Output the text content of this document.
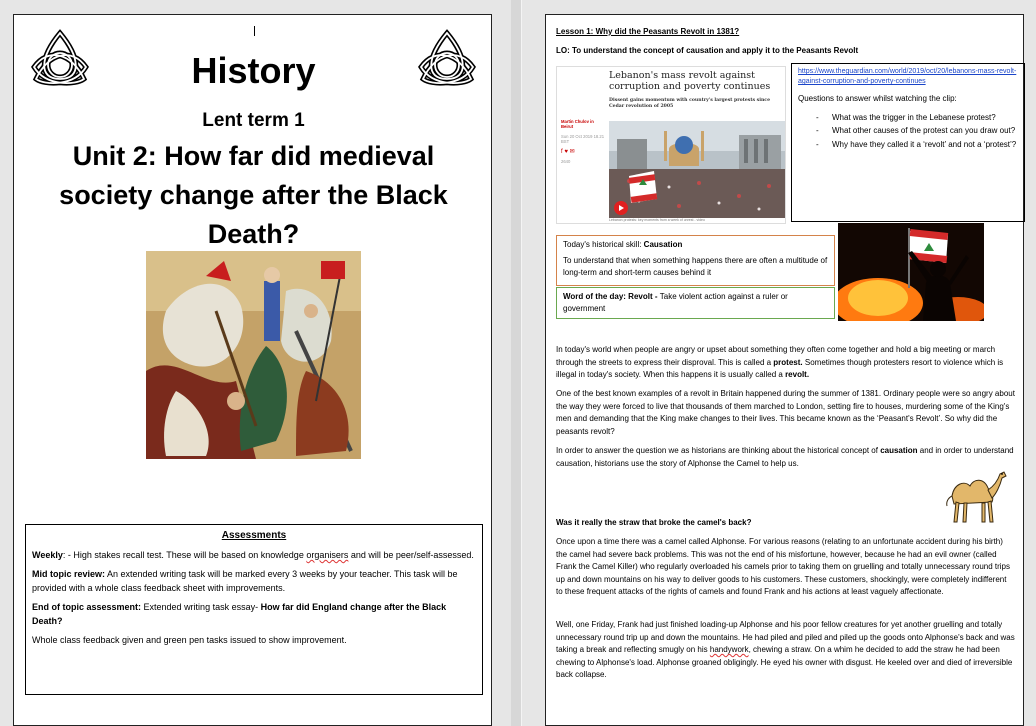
History
Lent term 1
Unit 2: How far did medieval society change after the Black Death?
Assessments

Weekly: - High stakes recall test. These will be based on knowledge organisers and will be peer/self-assessed.

Mid topic review: An extended writing task will be marked every 3 weeks by your teacher. This task will be provided with a whole class feedback sheet with improvements.

End of topic assessment: Extended writing task essay- How far did England change after the Black Death?

Whole class feedback given and green pen tasks issued to show improvement.

Lesson 1: Why did the Peasants Revolt in 1381?
LO: To understand the concept of causation and apply it to the Peasants Revolt
Lebanon's mass revolt against corruption and poverty continues
Dissent gains momentum with country's largest protests since Cedar revolution of 2005
Martin Chulov in Beirut
Sun 20 Oct 2019 18.21 BST
f ♥ ✉
2640
Lebanon protests: key moments from a week of unrest - video
https://www.theguardian.com/world/2019/oct/20/lebanons-mass-revolt-against-corruption-and-poverty-continues
Questions to answer whilst watching the clip:
- What was the trigger in the Lebanese protest?
- What other causes of the protest can you draw out?
- Why have they called it a ‘revolt’ and not a ‘protest’?
Today's historical skill: Causation
To understand that when something happens there are often a multitude of long-term and short-term causes behind it
Word of the day: Revolt - Take violent action against a ruler or government

In today's world when people are angry or upset about something they often come together and hold a big meeting or march through the streets to express their disproval. This is called a protest. Sometimes though protesters resort to violence which is illegal in today's society. When this happens it is usually called a revolt.

One of the best known examples of a revolt in Britain happened during the summer of 1381. Ordinary people were so angry about the way they were forced to live that thousands of them marched to London, setting fire to houses, murdering some of the King's men and demanding that the King make changes to their lives. This became known as the ‘Peasant's Revolt’. So why did the peasants revolt?

In order to answer the question we as historians are thinking about the historical concept of causation and in order to understand causation, historians use the story of Alphonse the Camel to help us.

Was it really the straw that broke the camel's back?

Once upon a time there was a camel called Alphonse. For various reasons (relating to an unfortunate accident during his birth) the camel had severe back problems. This was not the end of his misfortune, however, because he had an evil owner (called Frank the Camel Killer) who regularly overloaded his camels prior to taking them on gruelling and totally unnecessary round trips up and down mountains on his way to deliver goods to his customers. These customers, shockingly, were completely indifferent to these frequent attacks of the rights of camels and found Frank and his actions at least vaguely affectionate.

Well, one Friday, Frank had just finished loading-up Alphonse and his poor fellow creatures for yet another gruelling and totally unnecessary round trip up and down the mountains. He had piled and piled and piled up the goods onto Alphonse's back and was taking a break and reflecting smugly on his handywork, chewing a straw. On a whim he decided to add the straw he had been chewing to Alphonse's load. Alphonse groaned obligingly. He eyed his owner with disgust. He keeled over and died of irreversible back collapse.
